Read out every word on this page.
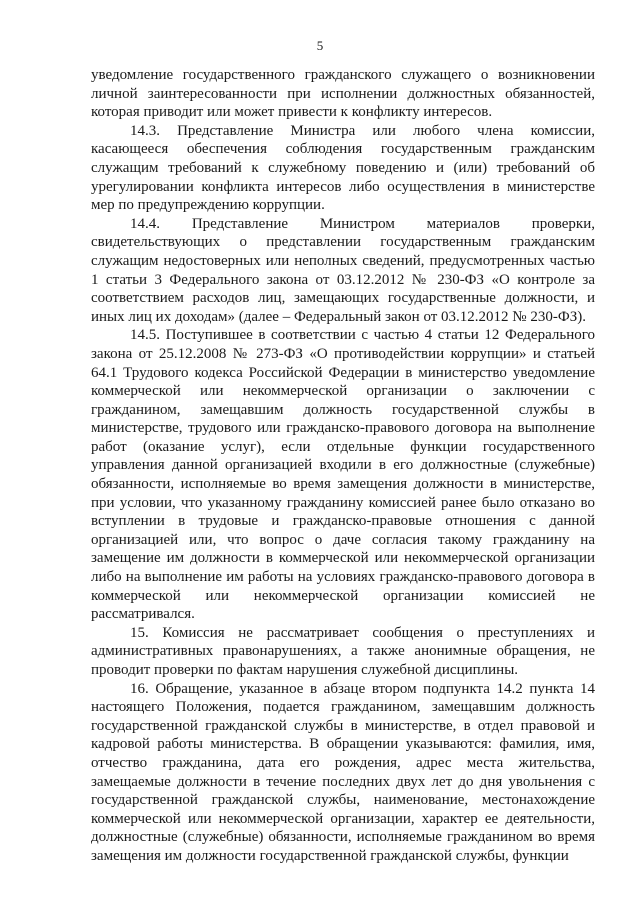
5

уведомление государственного гражданского служащего о возникновении личной заинтересованности при исполнении должностных обязанностей, которая приводит или может привести к конфликту интересов.

14.3. Представление Министра или любого члена комиссии, касающееся обеспечения соблюдения государственным гражданским служащим требований к служебному поведению и (или) требований об урегулировании конфликта интересов либо осуществления в министерстве мер по предупреждению коррупции.

14.4. Представление Министром материалов проверки, свидетельствующих о представлении государственным гражданским служащим недостоверных или неполных сведений, предусмотренных частью 1 статьи 3 Федерального закона от 03.12.2012 № 230-ФЗ «О контроле за соответствием расходов лиц, замещающих государственные должности, и иных лиц их доходам» (далее – Федеральный закон от 03.12.2012 № 230-ФЗ).

14.5. Поступившее в соответствии с частью 4 статьи 12 Федерального закона от 25.12.2008 № 273-ФЗ «О противодействии коррупции» и статьей 64.1 Трудового кодекса Российской Федерации в министерство уведомление коммерческой или некоммерческой организации о заключении с гражданином, замещавшим должность государственной службы в министерстве, трудового или гражданско-правового договора на выполнение работ (оказание услуг), если отдельные функции государственного управления данной организацией входили в его должностные (служебные) обязанности, исполняемые во время замещения должности в министерстве, при условии, что указанному гражданину комиссией ранее было отказано во вступлении в трудовые и гражданско-правовые отношения с данной организацией или, что вопрос о даче согласия такому гражданину на замещение им должности в коммерческой или некоммерческой организации либо на выполнение им работы на условиях гражданско-правового договора в коммерческой или некоммерческой организации комиссией не рассматривался.

15. Комиссия не рассматривает сообщения о преступлениях и административных правонарушениях, а также анонимные обращения, не проводит проверки по фактам нарушения служебной дисциплины.

16. Обращение, указанное в абзаце втором подпункта 14.2 пункта 14 настоящего Положения, подается гражданином, замещавшим должность государственной гражданской службы в министерстве, в отдел правовой и кадровой работы министерства. В обращении указываются: фамилия, имя, отчество гражданина, дата его рождения, адрес места жительства, замещаемые должности в течение последних двух лет до дня увольнения с государственной гражданской службы, наименование, местонахождение коммерческой или некоммерческой организации, характер ее деятельности, должностные (служебные) обязанности, исполняемые гражданином во время замещения им должности государственной гражданской службы, функции
